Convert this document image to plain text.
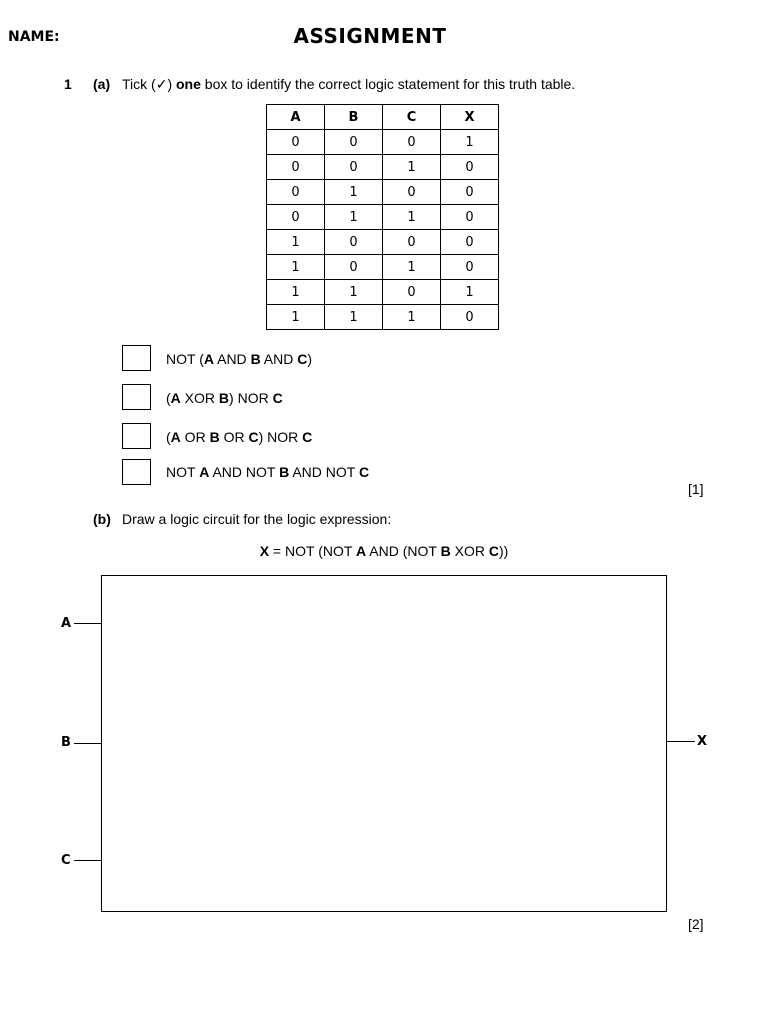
NAME:	ASSIGNMENT
1 (a) Tick (✓) one box to identify the correct logic statement for this truth table.
A	B	C	X
0	0	0	1
0	0	1	0
0	1	0	0
0	1	1	0
1	0	0	0
1	0	1	0
1	1	0	1
1	1	1	0
NOT (A AND B AND C)
(A XOR B) NOR C
(A OR B OR C) NOR C
NOT A AND NOT B AND NOT C
[1]
(b) Draw a logic circuit for the logic expression:
X = NOT (NOT A AND (NOT B XOR C))
A
B
C
X
[2]
